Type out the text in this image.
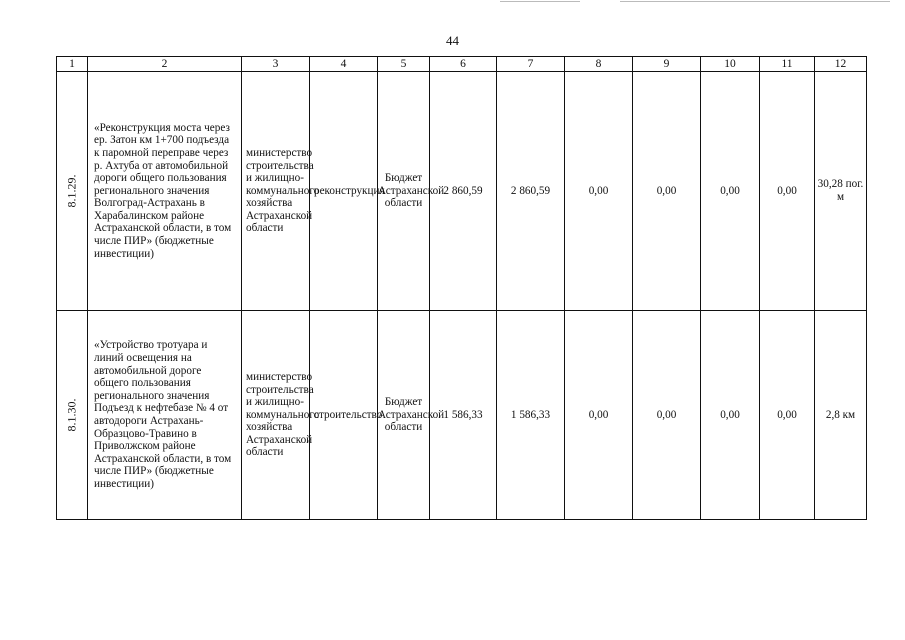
44
1	2	3	4	5	6	7	8	9	10	11	12

8.1.29.	«Реконструкция моста через ер. Затон км 1+700 подъезда к паромной переправе через р. Ахтуба от автомобильной дороги общего пользования регионального значения Волгоград-Астрахань в Харабалинском районе Астраханской области, в том числе ПИР» (бюджетные инвестиции)	министерство строительства и жилищно-коммунального хозяйства Астраханской области	реконструкция	Бюджет Астраханской области	2 860,59	2 860,59	0,00	0,00	0,00	0,00	30,28 пог. м

8.1.30.	«Устройство тротуара и линий освещения на автомобильной дороге общего пользования регионального значения Подъезд к нефтебазе № 4 от автодороги Астрахань-Образцово-Травино в Приволжском районе Астраханской области, в том числе ПИР» (бюджетные инвестиции)	министерство строительства и жилищно-коммунального хозяйства Астраханской области	строительство	Бюджет Астраханской области	1 586,33	1 586,33	0,00	0,00	0,00	0,00	2,8 км
